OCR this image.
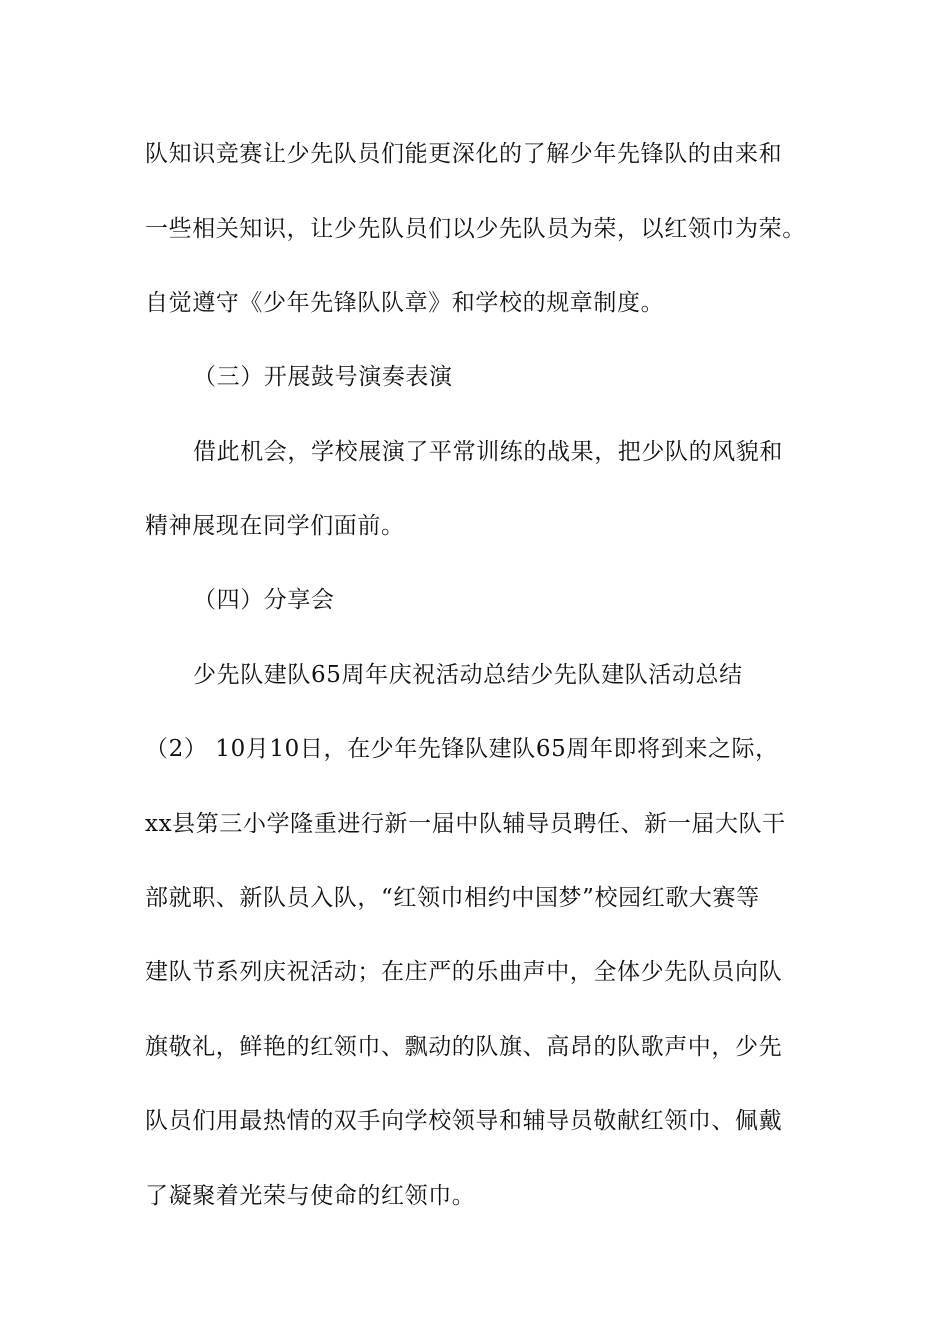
队知识竞赛让少先队员们能更深化的了解少年先锋队的由来和
一些相关知识，让少先队员们以少先队员为荣，以红领巾为荣。
自觉遵守《少年先锋队队章》和学校的规章制度。
（三）开展鼓号演奏表演
借此机会，学校展演了平常训练的战果，把少队的风貌和
精神展现在同学们面前。
（四）分享会
少先队建队65周年庆祝活动总结少先队建队活动总结
（2） 10月10日，在少年先锋队建队65周年即将到来之际，
xx县第三小学隆重进行新一届中队辅导员聘任、新一届大队干
部就职、新队员入队，“红领巾相约中国梦”校园红歌大赛等
建队节系列庆祝活动；在庄严的乐曲声中，全体少先队员向队
旗敬礼，鲜艳的红领巾、飘动的队旗、高昂的队歌声中，少先
队员们用最热情的双手向学校领导和辅导员敬献红领巾、佩戴
了凝聚着光荣与使命的红领巾。
